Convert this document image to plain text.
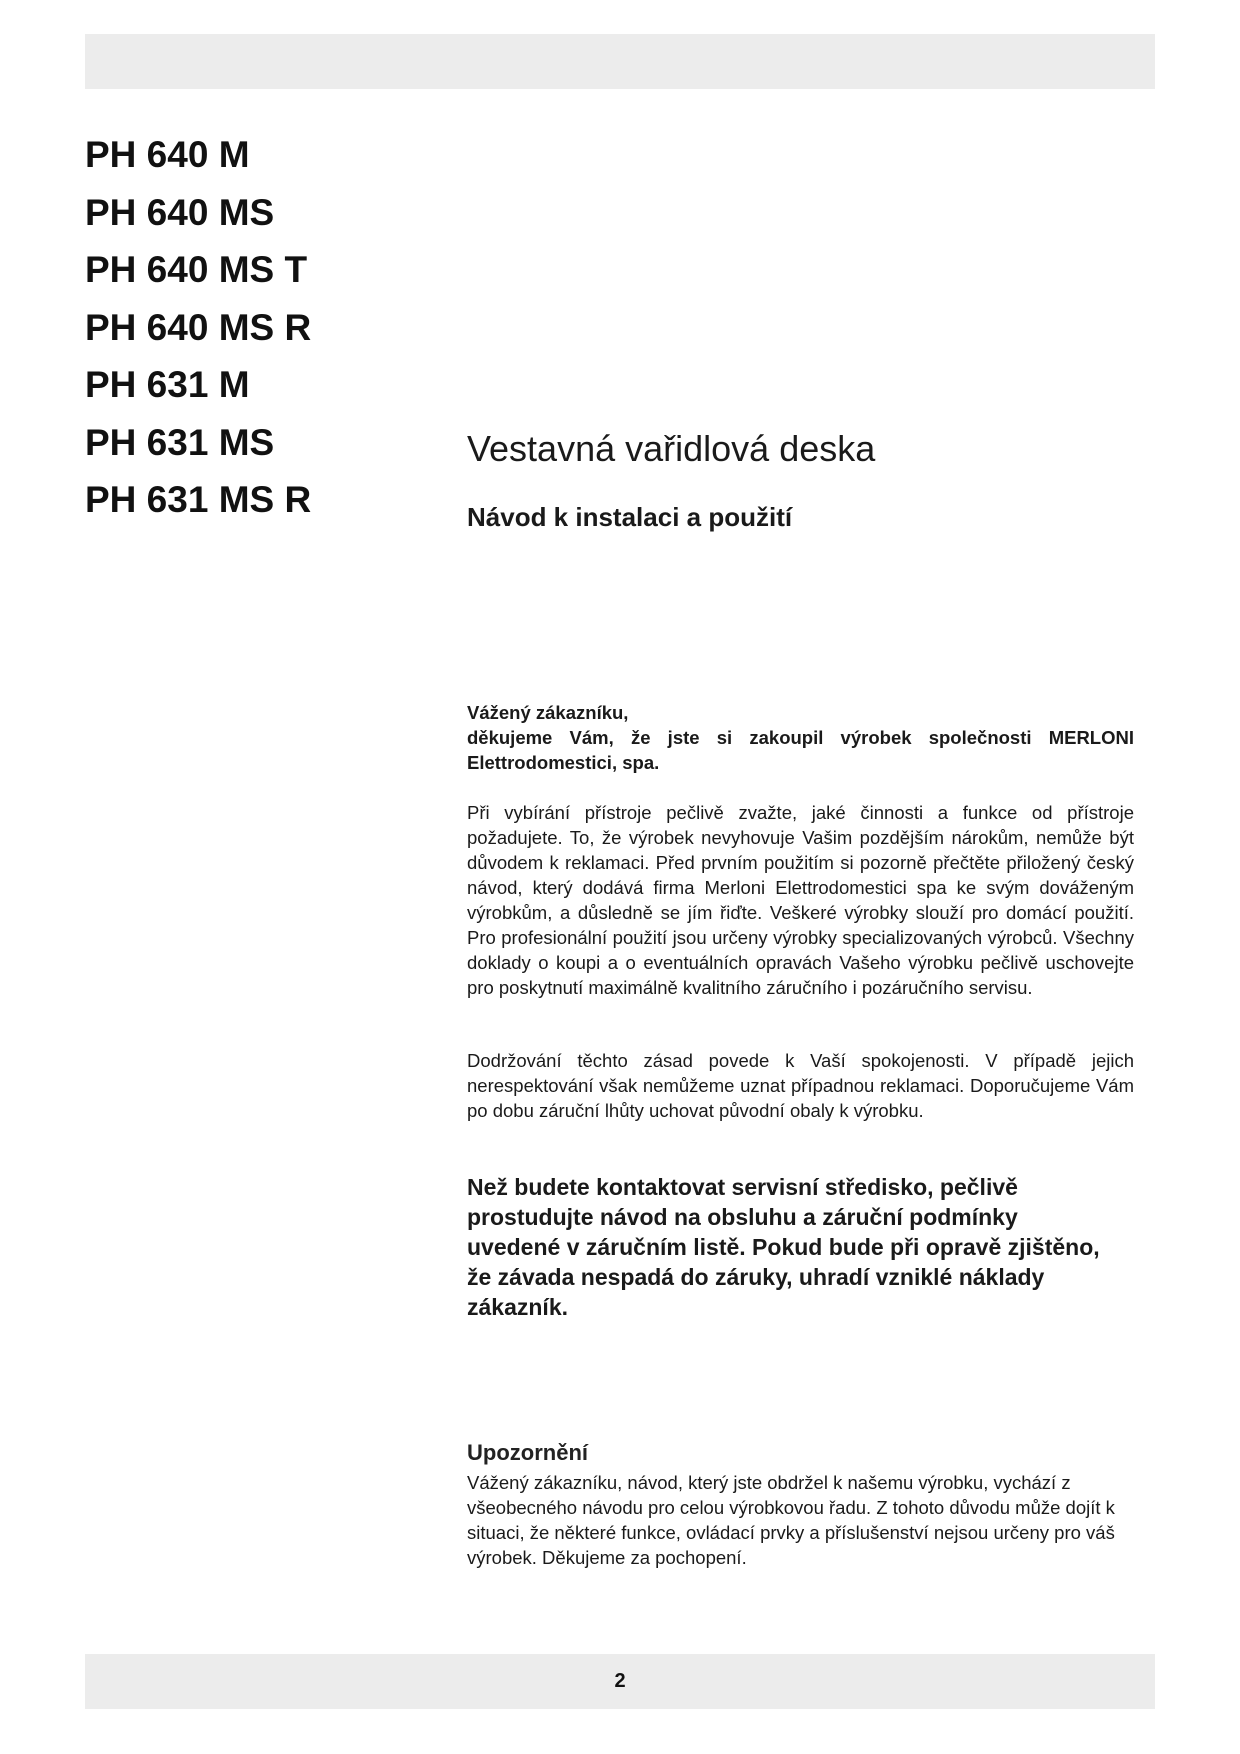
PH 640 M
PH 640 MS
PH 640 MS T
PH 640 MS R
PH 631 M
PH 631 MS
PH 631 MS R
Vestavná vařidlová deska
Návod k instalaci a použití
Vážený zákazníku,
děkujeme Vám, že jste si zakoupil výrobek společnosti MERLONI Elettrodomestici, spa.

Při vybírání přístroje pečlivě zvažte, jaké činnosti a funkce od přístroje požadujete. To, že výrobek nevyhovuje Vašim pozdějším nárokům, nemůže být důvodem k reklamaci. Před prvním použitím si pozorně přečtěte přiložený český návod, který dodává firma Merloni Elettrodomestici spa ke svým dováženým výrobkům, a důsledně se jím řiďte. Veškeré výrobky slouží pro domácí použití. Pro profesionální použití jsou určeny výrobky specializovaných výrobců. Všechny doklady o koupi a o eventuálních opravách Vašeho výrobku pečlivě uschovejte pro poskytnutí maximálně kvalitního záručního i pozáručního servisu.

Dodržování těchto zásad povede k Vaší spokojenosti. V případě jejich nerespektování však nemůžeme uznat případnou reklamaci. Doporučujeme Vám po dobu záruční lhůty uchovat původní obaly k výrobku.

Než budete kontaktovat servisní středisko, pečlivě prostudujte návod na obsluhu a záruční podmínky uvedené v záručním listě. Pokud bude při opravě zjištěno, že závada nespadá do záruky, uhradí vzniklé náklady zákazník.

Upozornění

Vážený zákazníku, návod, který jste obdržel k našemu výrobku, vychází z všeobecného návodu pro celou výrobkovou řadu. Z tohoto důvodu může dojít k situaci, že některé funkce, ovládací prvky a příslušenství nejsou určeny pro váš výrobek. Děkujeme za pochopení.

2
